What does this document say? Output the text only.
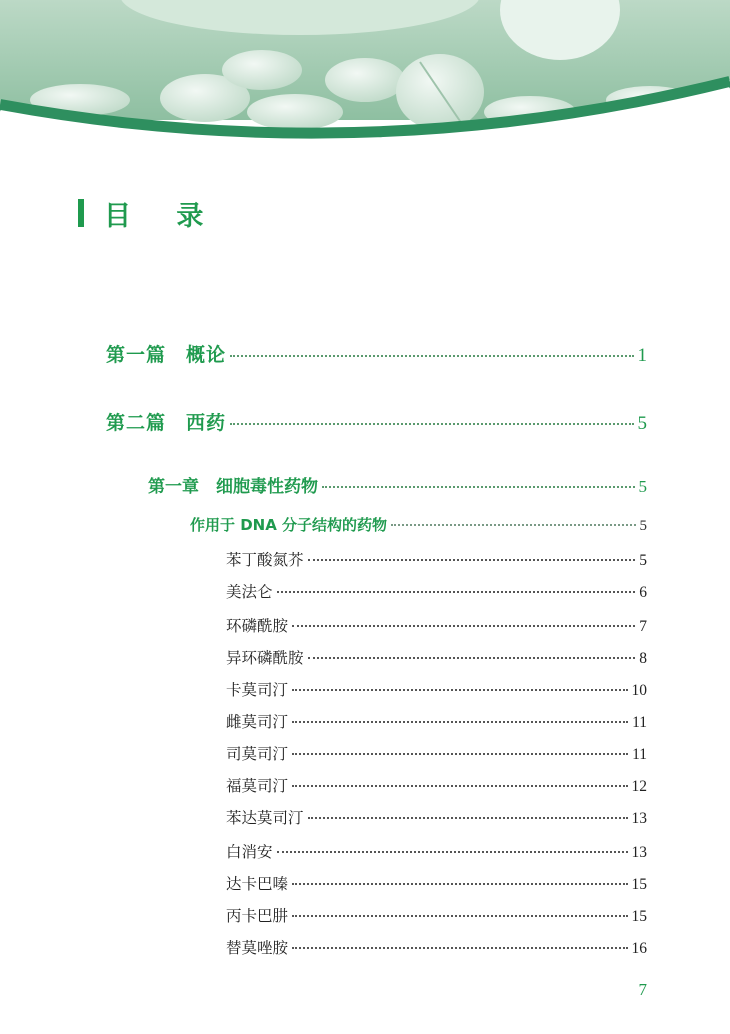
目 录
第一篇　概论	1
第二篇　西药	5
第一章　细胞毒性药物	5
作用于 DNA 分子结构的药物	5
苯丁酸氮芥	5
美法仑	6
环磷酰胺	7
异环磷酰胺	8
卡莫司汀	10
雌莫司汀	11
司莫司汀	11
福莫司汀	12
苯达莫司汀	13
白消安	13
达卡巴嗪	15
丙卡巴肼	15
替莫唑胺	16
7
